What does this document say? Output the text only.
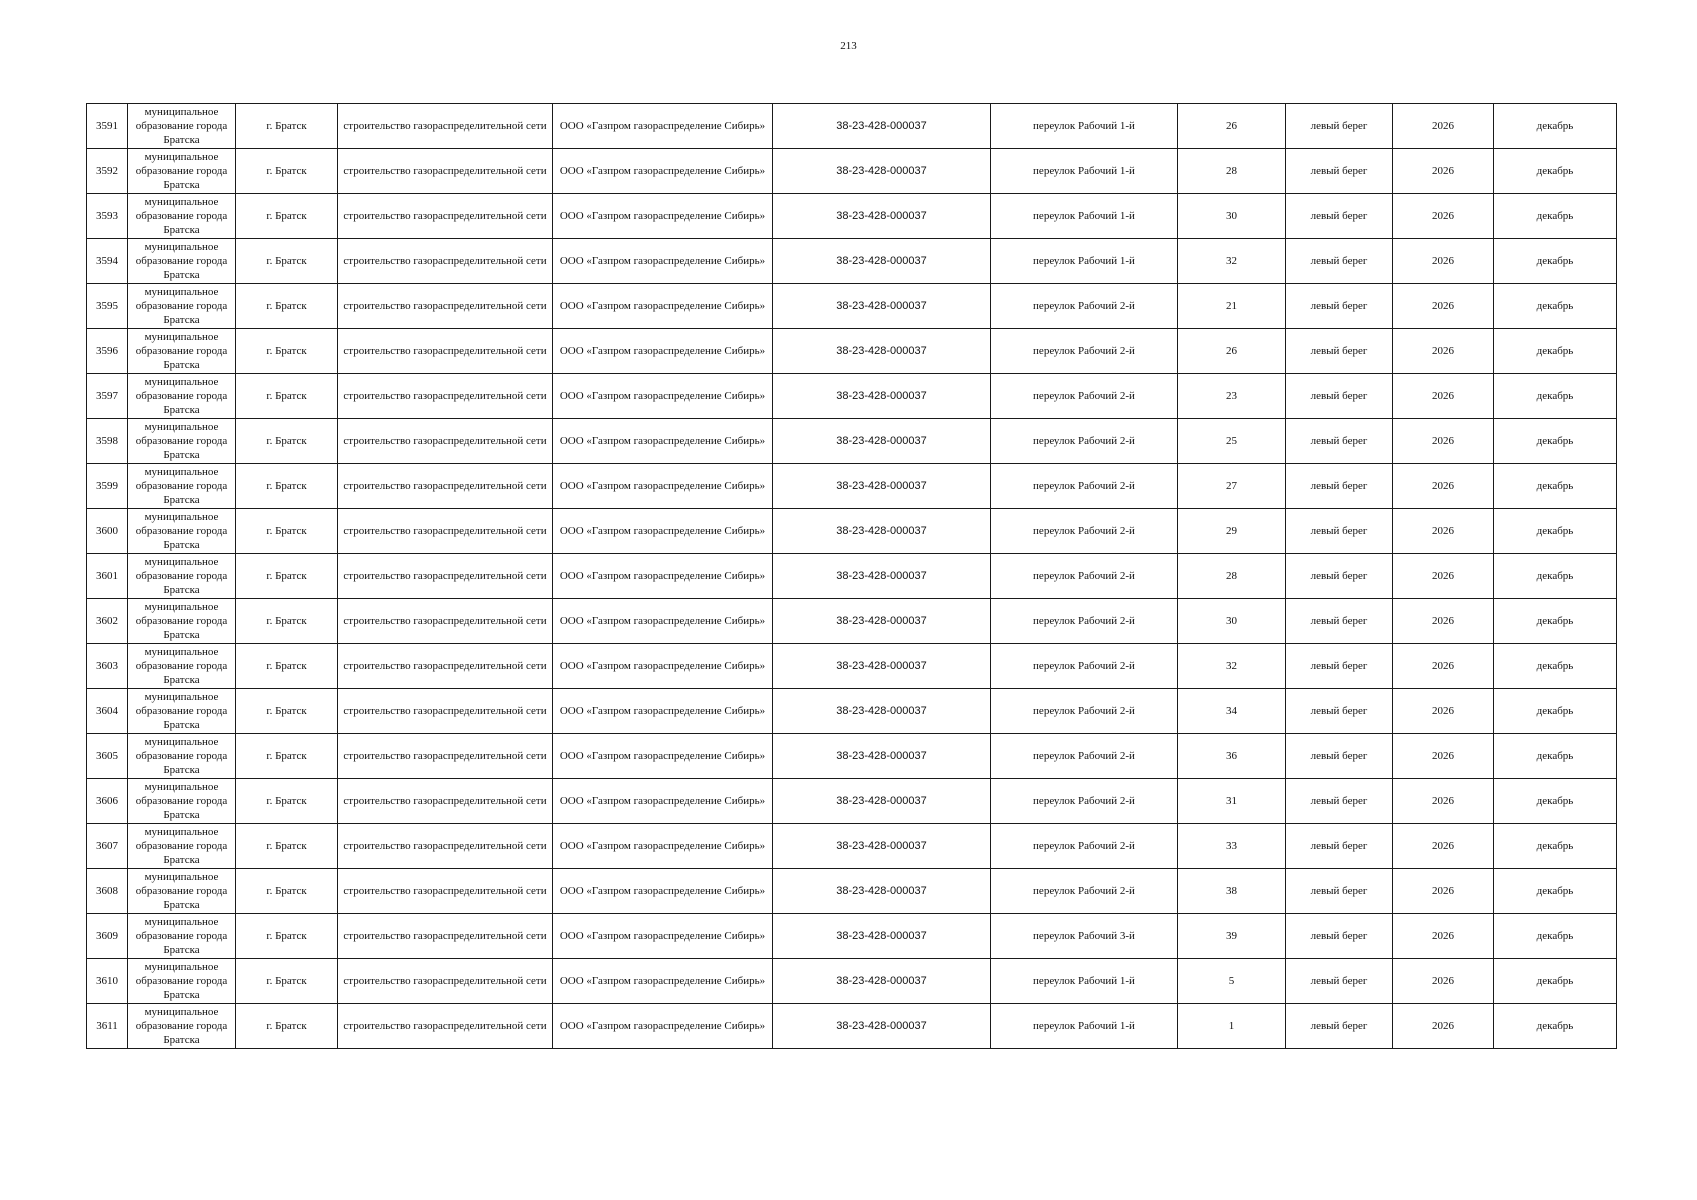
213
3591	муниципальное образование города Братска	г. Братск	строительство газораспределительной сети	ООО «Газпром газораспределение Сибирь»	38-23-428-000037	переулок Рабочий 1-й	26	левый берег	2026	декабрь
3592	муниципальное образование города Братска	г. Братск	строительство газораспределительной сети	ООО «Газпром газораспределение Сибирь»	38-23-428-000037	переулок Рабочий 1-й	28	левый берег	2026	декабрь
3593	муниципальное образование города Братска	г. Братск	строительство газораспределительной сети	ООО «Газпром газораспределение Сибирь»	38-23-428-000037	переулок Рабочий 1-й	30	левый берег	2026	декабрь
3594	муниципальное образование города Братска	г. Братск	строительство газораспределительной сети	ООО «Газпром газораспределение Сибирь»	38-23-428-000037	переулок Рабочий 1-й	32	левый берег	2026	декабрь
3595	муниципальное образование города Братска	г. Братск	строительство газораспределительной сети	ООО «Газпром газораспределение Сибирь»	38-23-428-000037	переулок Рабочий 2-й	21	левый берег	2026	декабрь
3596	муниципальное образование города Братска	г. Братск	строительство газораспределительной сети	ООО «Газпром газораспределение Сибирь»	38-23-428-000037	переулок Рабочий 2-й	26	левый берег	2026	декабрь
3597	муниципальное образование города Братска	г. Братск	строительство газораспределительной сети	ООО «Газпром газораспределение Сибирь»	38-23-428-000037	переулок Рабочий 2-й	23	левый берег	2026	декабрь
3598	муниципальное образование города Братска	г. Братск	строительство газораспределительной сети	ООО «Газпром газораспределение Сибирь»	38-23-428-000037	переулок Рабочий 2-й	25	левый берег	2026	декабрь
3599	муниципальное образование города Братска	г. Братск	строительство газораспределительной сети	ООО «Газпром газораспределение Сибирь»	38-23-428-000037	переулок Рабочий 2-й	27	левый берег	2026	декабрь
3600	муниципальное образование города Братска	г. Братск	строительство газораспределительной сети	ООО «Газпром газораспределение Сибирь»	38-23-428-000037	переулок Рабочий 2-й	29	левый берег	2026	декабрь
3601	муниципальное образование города Братска	г. Братск	строительство газораспределительной сети	ООО «Газпром газораспределение Сибирь»	38-23-428-000037	переулок Рабочий 2-й	28	левый берег	2026	декабрь
3602	муниципальное образование города Братска	г. Братск	строительство газораспределительной сети	ООО «Газпром газораспределение Сибирь»	38-23-428-000037	переулок Рабочий 2-й	30	левый берег	2026	декабрь
3603	муниципальное образование города Братска	г. Братск	строительство газораспределительной сети	ООО «Газпром газораспределение Сибирь»	38-23-428-000037	переулок Рабочий 2-й	32	левый берег	2026	декабрь
3604	муниципальное образование города Братска	г. Братск	строительство газораспределительной сети	ООО «Газпром газораспределение Сибирь»	38-23-428-000037	переулок Рабочий 2-й	34	левый берег	2026	декабрь
3605	муниципальное образование города Братска	г. Братск	строительство газораспределительной сети	ООО «Газпром газораспределение Сибирь»	38-23-428-000037	переулок Рабочий 2-й	36	левый берег	2026	декабрь
3606	муниципальное образование города Братска	г. Братск	строительство газораспределительной сети	ООО «Газпром газораспределение Сибирь»	38-23-428-000037	переулок Рабочий 2-й	31	левый берег	2026	декабрь
3607	муниципальное образование города Братска	г. Братск	строительство газораспределительной сети	ООО «Газпром газораспределение Сибирь»	38-23-428-000037	переулок Рабочий 2-й	33	левый берег	2026	декабрь
3608	муниципальное образование города Братска	г. Братск	строительство газораспределительной сети	ООО «Газпром газораспределение Сибирь»	38-23-428-000037	переулок Рабочий 2-й	38	левый берег	2026	декабрь
3609	муниципальное образование города Братска	г. Братск	строительство газораспределительной сети	ООО «Газпром газораспределение Сибирь»	38-23-428-000037	переулок Рабочий 3-й	39	левый берег	2026	декабрь
3610	муниципальное образование города Братска	г. Братск	строительство газораспределительной сети	ООО «Газпром газораспределение Сибирь»	38-23-428-000037	переулок Рабочий 1-й	5	левый берег	2026	декабрь
3611	муниципальное образование города Братска	г. Братск	строительство газораспределительной сети	ООО «Газпром газораспределение Сибирь»	38-23-428-000037	переулок Рабочий 1-й	1	левый берег	2026	декабрь
